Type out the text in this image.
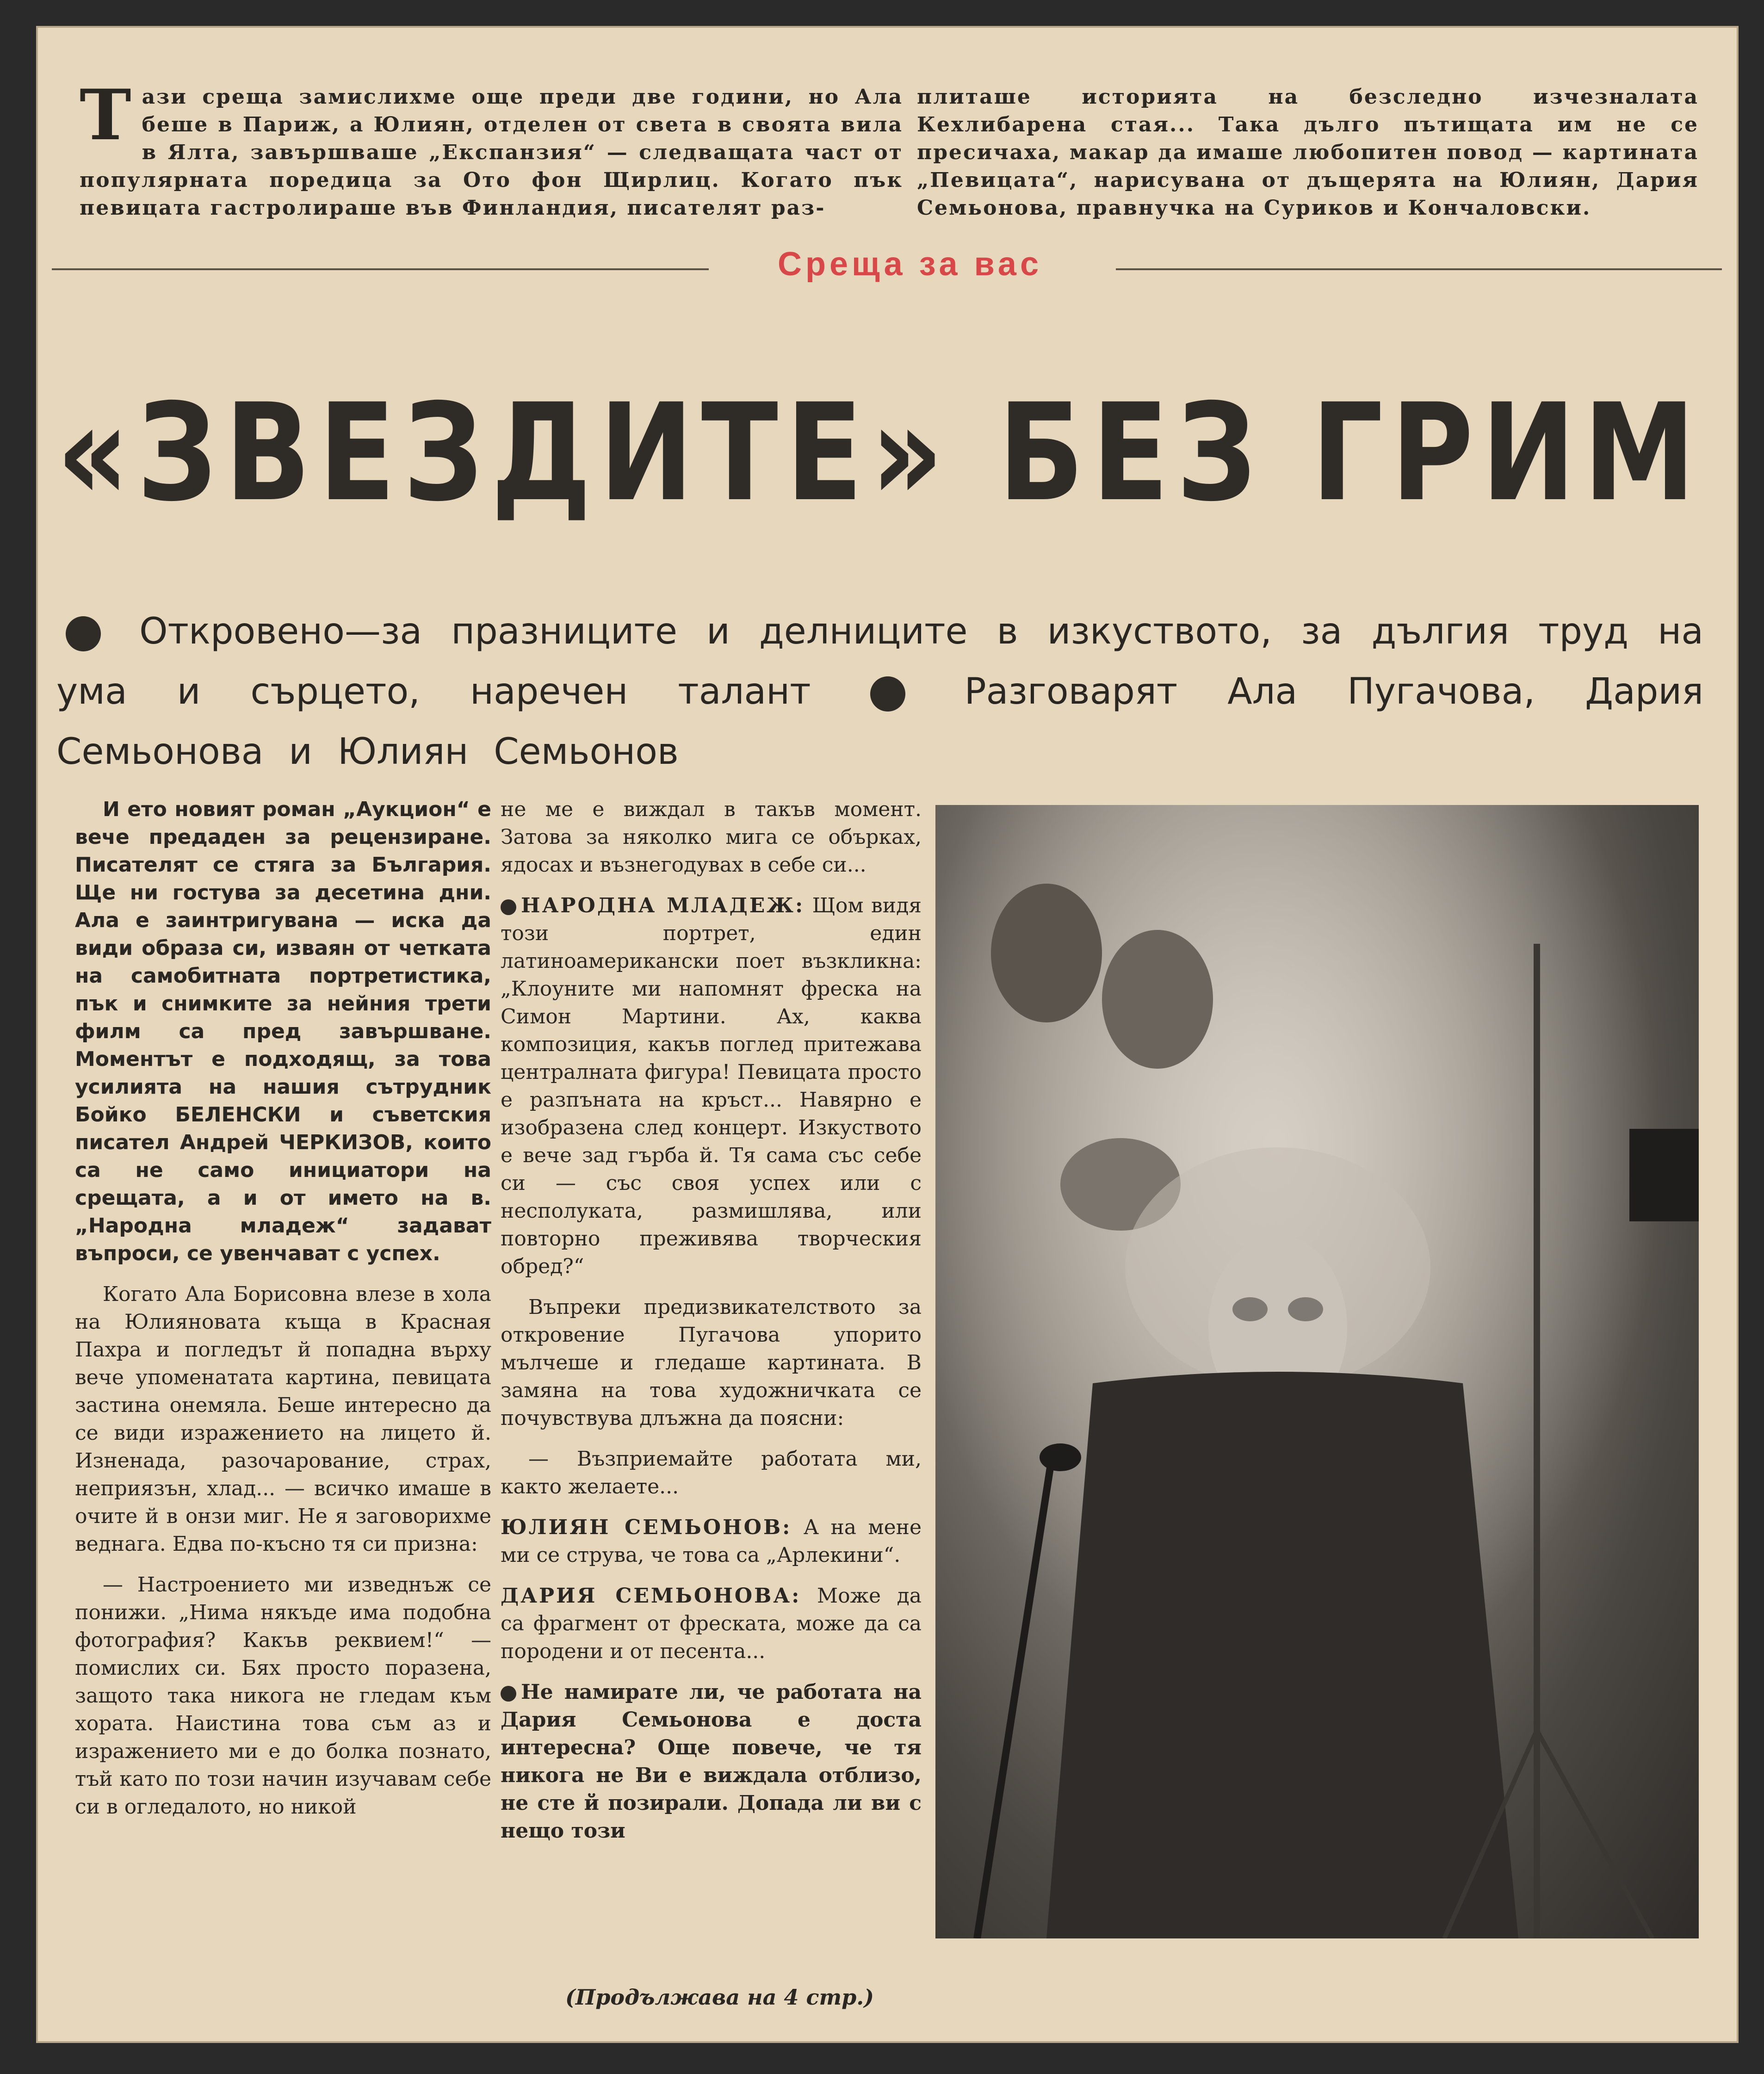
Т ази среща замислихме още преди две години, но Ала беше в Париж, а Юлиян, отделен от света в своята вила в Ялта, завършваше „Експанзия“ — следващата част от популярната поредица за Ото фон Щирлиц. Когато пък певицата гастролираше във Финландия, писателят раз-
плиташе историята на безследно изчезналата Кехлибарена стая... Така дълго пътищата им не се пресичаха, макар да имаше любопитен повод — картината „Певицата“, нарисувана от дъщерята на Юлиян, Дария Семьонова, правнучка на Суриков и Кончаловски.
Среща за вас
«ЗВЕЗДИТЕ» БЕЗ ГРИМ
Откровено—за празниците и делниците в изкуството, за дългия труд на ума и сърцето, наречен талант	Разговарят Ала Пугачова, Дария Семьонова и Юлиян Семьонов

И ето новият роман „Аукцион“ е вече предаден за рецензиране. Писателят се стяга за България. Ще ни гостува за десетина дни. Ала е заинтригувана — иска да види образа си, изваян от четката на самобитната портретистика, пък и снимките за нейния трети филм са пред завършване. Моментът е подходящ, за това усилията на нашия сътрудник Бойко БЕЛЕНСКИ и съветския писател Андрей ЧЕРКИЗОВ, които са не само инициатори на срещата, а и от името на в. „Народна младеж“ задават въпроси, се увенчават с успех.

Когато Ала Борисовна влезе в хола на Юлияновата къща в Красная Пахра и погледът й попадна върху вече упоменатата картина, певицата застина онемяла. Беше интересно да се види изражението на лицето й. Изненада, разочарование, страх, неприязън, хлад... — всичко имаше в очите й в онзи миг. Не я заговорихме веднага. Едва по-късно тя си призна:

— Настроението ми изведнъж се понижи. „Нима някъде има подобна фотография? Какъв реквием!“ — помислих си. Бях просто поразена, защото така никога не гледам към хората. Наистина това съм аз и изражението ми е до болка познато, тъй като по този начин изучавам себе си в огледалото, но никой

не ме е виждал в такъв момент. Затова за няколко мига се объркax, ядосах и възнегодувах в себе си...

НАРОДНА МЛАДЕЖ: Щом видя този портрет, един латиноамерикански поет възкликна: „Клоуните ми напомнят фреска на Симон Мартини. Ах, каква композиция, какъв поглед притежава централната фигура! Певицата просто е разпъната на кръст... Навярно е изобразена след концерт. Изкуството е вече зад гърба й. Тя сама със себе си — със своя успех или с несполуката, размишлява, или повторно преживява творческия обред?“

Въпреки предизвикателството за откровение Пугачова упорито мълчеше и гледаше картината. В замяна на това художничката се почувствува длъжна да поясни:

— Възприемайте работата ми, както желаете...

ЮЛИЯН СЕМЬОНОВ: А на мене ми се струва, че това са „Арлекини“.

ДАРИЯ СЕМЬОНОВА: Може да са фрагмент от фреската, може да са породени и от песента...

Не намирате ли, че работата на Дария Семьонова е доста интересна? Още повече, че тя никога не Ви е виждала отблизо, не сте й позирали. Допада ли ви с нещо този

(Продължава на 4 стр.)
